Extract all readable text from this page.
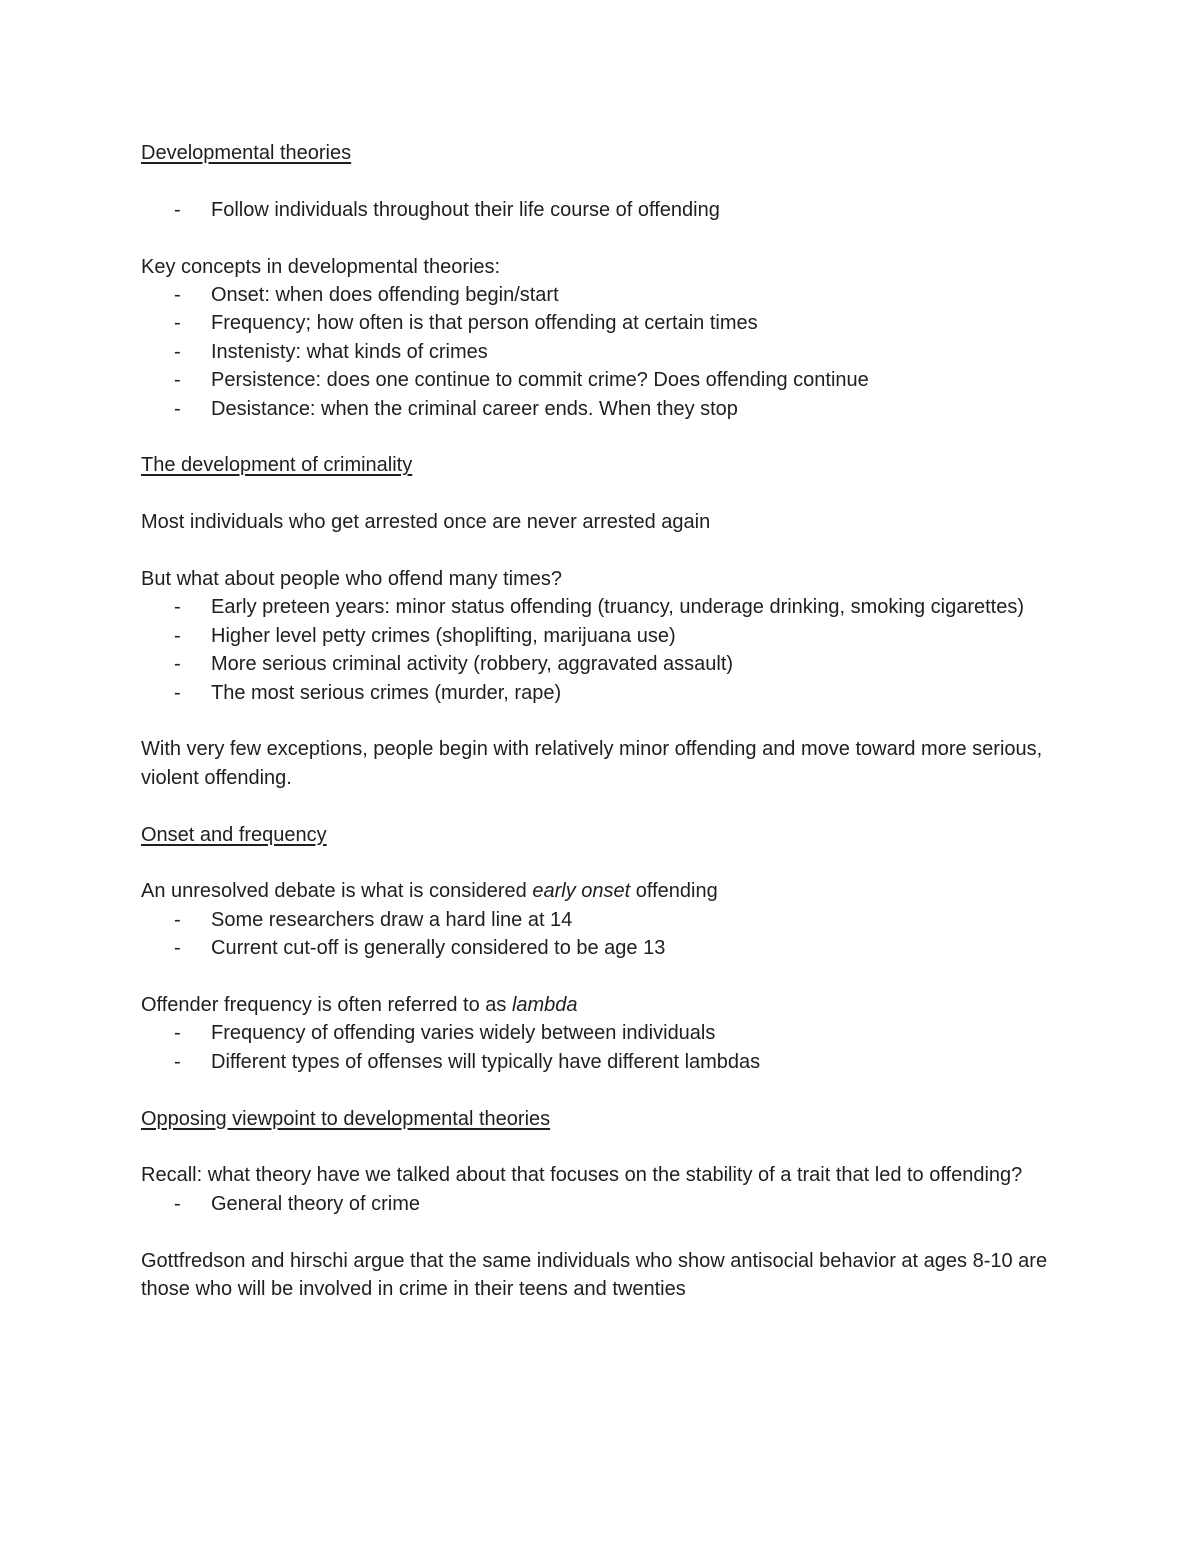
Developmental theories
- Follow individuals throughout their life course of offending
Key concepts in developmental theories:
- Onset: when does offending begin/start
- Frequency; how often is that person offending at certain times
- Instenisty: what kinds of crimes
- Persistence: does one continue to commit crime? Does offending continue
- Desistance: when the criminal career ends. When they stop
The development of criminality
Most individuals who get arrested once are never arrested again
But what about people who offend many times?
- Early preteen years: minor status offending (truancy, underage drinking, smoking cigarettes)
- Higher level petty crimes (shoplifting, marijuana use)
- More serious criminal activity (robbery, aggravated assault)
- The most serious crimes (murder, rape)
With very few exceptions, people begin with relatively minor offending and move toward more serious, violent offending.
Onset and frequency
An unresolved debate is what is considered early onset offending
- Some researchers draw a hard line at 14
- Current cut-off is generally considered to be age 13
Offender frequency is often referred to as lambda
- Frequency of offending varies widely between individuals
- Different types of offenses will typically have different lambdas
Opposing viewpoint to developmental theories
Recall: what theory have we talked about that focuses on the stability of a trait that led to offending?
- General theory of crime
Gottfredson and hirschi argue that the same individuals who show antisocial behavior at ages 8-10 are those who will be involved in crime in their teens and twenties
